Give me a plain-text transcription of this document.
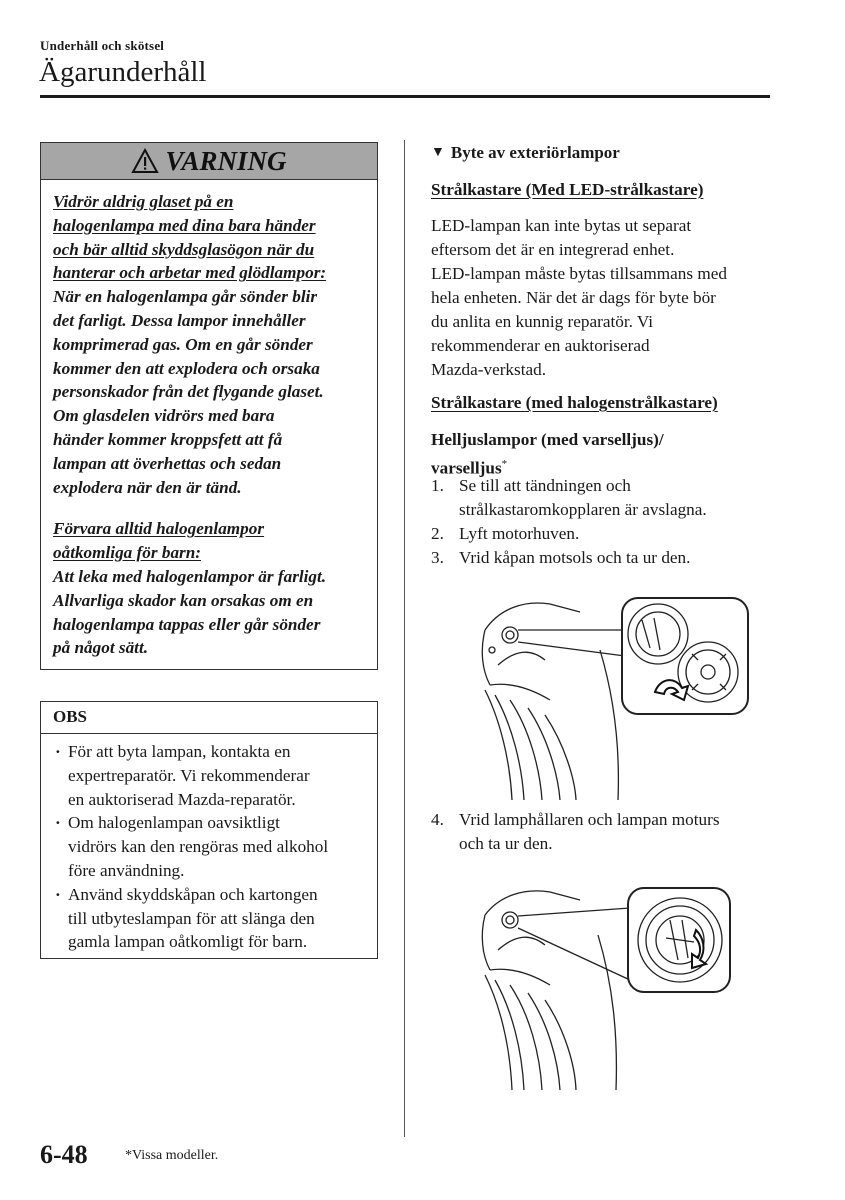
Underhåll och skötsel
Ägarunderhåll
VARNING

Vidrör aldrig glaset på en
halogenlampa med dina bara händer
och bär alltid skyddsglasögon när du
hanterar och arbetar med glödlampor:

När en halogenlampa går sönder blir
det farligt. Dessa lampor innehåller
komprimerad gas. Om en går sönder
kommer den att explodera och orsaka
personskador från det flygande glaset.
Om glasdelen vidrörs med bara
händer kommer kroppsfett att få
lampan att överhettas och sedan
explodera när den är tänd.

Förvara alltid halogenlampor
oåtkomliga för barn:

Att leka med halogenlampor är farligt.
Allvarliga skador kan orsakas om en
halogenlampa tappas eller går sönder
på något sätt.

OBS
· För att byta lampan, kontakta en
expertreparatör. Vi rekommenderar
en auktoriserad Mazda-reparatör.
· Om halogenlampan oavsiktligt
vidrörs kan den rengöras med alkohol
före användning.
· Använd skyddskåpan och kartongen
till utbyteslampan för att slänga den
gamla lampan oåtkomligt för barn.
▼ Byte av exteriörlampor
Strålkastare (Med LED-strålkastare)

LED-lampan kan inte bytas ut separat
eftersom det är en integrerad enhet.
LED-lampan måste bytas tillsammans med
hela enheten. När det är dags för byte bör
du anlita en kunnig reparatör. Vi
rekommenderar en auktoriserad
Mazda-verkstad.

Strålkastare (med halogenstrålkastare)

Helljuslampor (med varselljus)/
varselljus*

1. Se till att tändningen och
strålkastaromkopplaren är avslagna.
2. Lyft motorhuven.
3. Vrid kåpan motsols och ta ur den.
4. Vrid lamphållaren och lampan moturs
och ta ur den.
6-48	*Vissa modeller.
